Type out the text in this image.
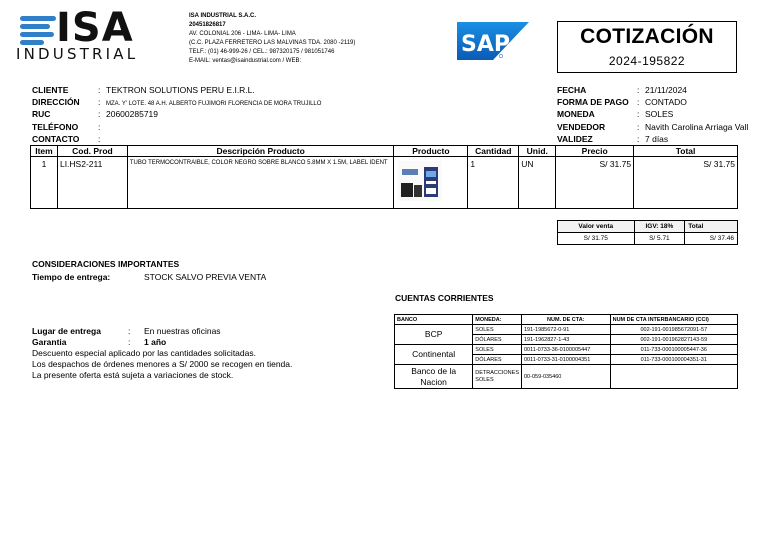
ISA
INDUSTRIAL
ISA INDUSTRIAL S.A.C.
20451826817
AV. COLONIAL 206 - LIMA- LIMA- LIMA
(C.C. PLAZA FERRETERO LAS MALVINAS TDA. 2080 -2119)
TELF.: (01) 46-999-26 / CEL.: 987320175 / 981051746
E-MAIL: ventas@isaindustrial.com / WEB:
SAP	COTIZACIÓN
2024-195822
CLIENTE	: TEKTRON SOLUTIONS PERU E.I.R.L.
DIRECCIÓN : MZA. Y' LOTE. 48 A.H. ALBERTO FUJIMORI FLORENCIA DE MORA TRUJILLO
RUC	: 20600285719
TELÉFONO :
CONTACTO :
FECHA	: 21/11/2024
FORMA DE PAGO : CONTADO
MONEDA	: SOLES
VENDEDOR	: Navith Carolina Arriaga Vall
VALIDEZ	: 7 días
Item	Cod. Prod	Descripción Producto	Producto	Cantidad	Unid.	Precio	Total
1	LI.HS2-211	TUBO TERMOCONTRAIBLE, COLOR NEGRO SOBRE BLANCO 5.8MM X 1.5M, LABEL IDENT		1	UN	S/ 31.75	S/ 31.75
Valor venta	IGV: 18%	Total
S/ 31.75	S/ 5.71	S/ 37.46
CONSIDERACIONES IMPORTANTES
Tiempo de entrega:	STOCK SALVO PREVIA VENTA
Lugar de entrega	: En nuestras oficinas
Garantia	: 1 año
Descuento especial aplicado por las cantidades solicitadas.
Los despachos de órdenes menores a S/ 2000 se recogen en tienda.
La presente oferta está sujeta a variaciones de stock.
CUENTAS CORRIENTES
BANCO	MONEDA:	NUM. DE CTA:	NUM DE CTA INTERBANCARIO (CCI)
BCP	SOLES	191-1985672-0-91	002-191-001985672091-57
	DÓLARES	191-1962827-1-43	002-191-001962827143-59
Continental	SOLES	0011-0733-36-0100005447	011-733-000100005447-36
	DÓLARES	0011-0733-31-0100004351	011-733-000100004351-31
Banco de la Nacion	DETRACCIONES SOLES	00-059-035460	
